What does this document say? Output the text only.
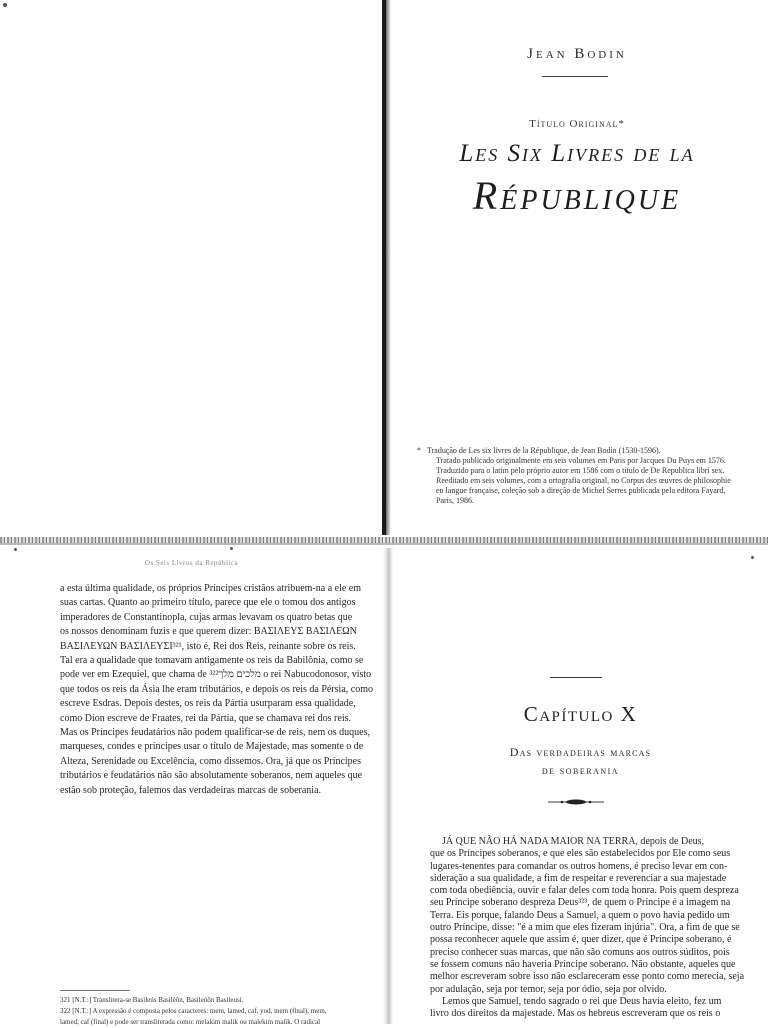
Jean Bodin
Título Original*
Les Six Livres de la
République
* Tradução de Les six livres de la République, de Jean Bodin (1530-1596).
Tratado publicado originalmente em seis volumes em Paris por Jacques Du Puys em 1576.
Traduzido para o latim pelo próprio autor em 1586 com o título de De Republica libri sex.
Reeditado em seis volumes, com a ortografia original, no Corpus des œuvres de philosophie
en langue française, coleção sob a direção de Michel Serres publicada pela editora Fayard,
Paris, 1986.
Os Seis Livros da República
a esta última qualidade, os próprios Príncipes cristãos atribuem-na a ele em
suas cartas. Quanto ao primeiro título, parece que ele o tomou dos antigos
imperadores de Constantinopla, cujas armas levavam os quatro betas que
os nossos denominam fuzis e que querem dizer: ΒΑΣΙΛΕΥΣ ΒΑΣΙΛΕΩΝ
ΒΑΣΙΛΕΥΩΝ ΒΑΣΙΛΕΥΣΙ³²¹, isto é, Rei dos Reis, reinante sobre os reis.
Tal era a qualidade que tomavam antigamente os reis da Babilônia, como se
pode ver em Ezequiel, que chama de מלכים מלך³²² o rei Nabucodonosor, visto
que todos os reis da Ásia lhe eram tributários, e depois os reis da Pérsia, como
escreve Esdras. Depois destes, os reis da Pártia usurparam essa qualidade,
como Díon escreve de Fraates, rei da Pártia, que se chamava rei dos reis.
Mas os Príncipes feudatários não podem qualificar-se de reis, nem os duques,
marqueses, condes e príncipes usar o título de Majestade, mas somente o de
Alteza, Serenidade ou Excelência, como dissemos. Ora, já que os Príncipes
tributários e feudatários não são absolutamente soberanos, nem aqueles que
estão sob proteção, falemos das verdadeiras marcas de soberania.
321 [N.T.:] Translitera-se Basileús Basiléōn, Basileúōn Basileusí.
322 [N.T.:] A expressão é composta pelos caracteres: mem, lamed, caf, yod, mem (final), mem,
lamed, caf (final) e pode ser transliterada como: melakim malik ou malekim malik. O radical
Capítulo X
Das verdadeiras marcas
de soberania
JÁ QUE NÃO HÁ NADA MAIOR NA TERRA, depois de Deus,
que os Príncipes soberanos, e que eles são estabelecidos por Ele como seus
lugares-tenentes para comandar os outros homens, é preciso levar em con-
sideração a sua qualidade, a fim de respeitar e reverenciar a sua majestade
com toda obediência, ouvir e falar deles com toda honra. Pois quem despreza
seu Príncipe soberano despreza Deus³²³, de quem o Príncipe é a imagem na
Terra. Eis porque, falando Deus a Samuel, a quem o povo havia pedido um
outro Príncipe, disse: "é a mim que eles fizeram injúria". Ora, a fim de que se
possa reconhecer aquele que assim é, quer dizer, que é Príncipe soberano, é
preciso conhecer suas marcas, que não são comuns aos outros súditos, pois
se fossem comuns não haveria Príncipe soberano. Não obstante, aqueles que
melhor escreveram sobre isso não esclareceram esse ponto como merecia, seja
por adulação, seja por temor, seja por ódio, seja por olvido.
Lemos que Samuel, tendo sagrado o rei que Deus havia eleito, fez um
livro dos direitos da majestade. Mas os hebreus escreveram que os reis o
